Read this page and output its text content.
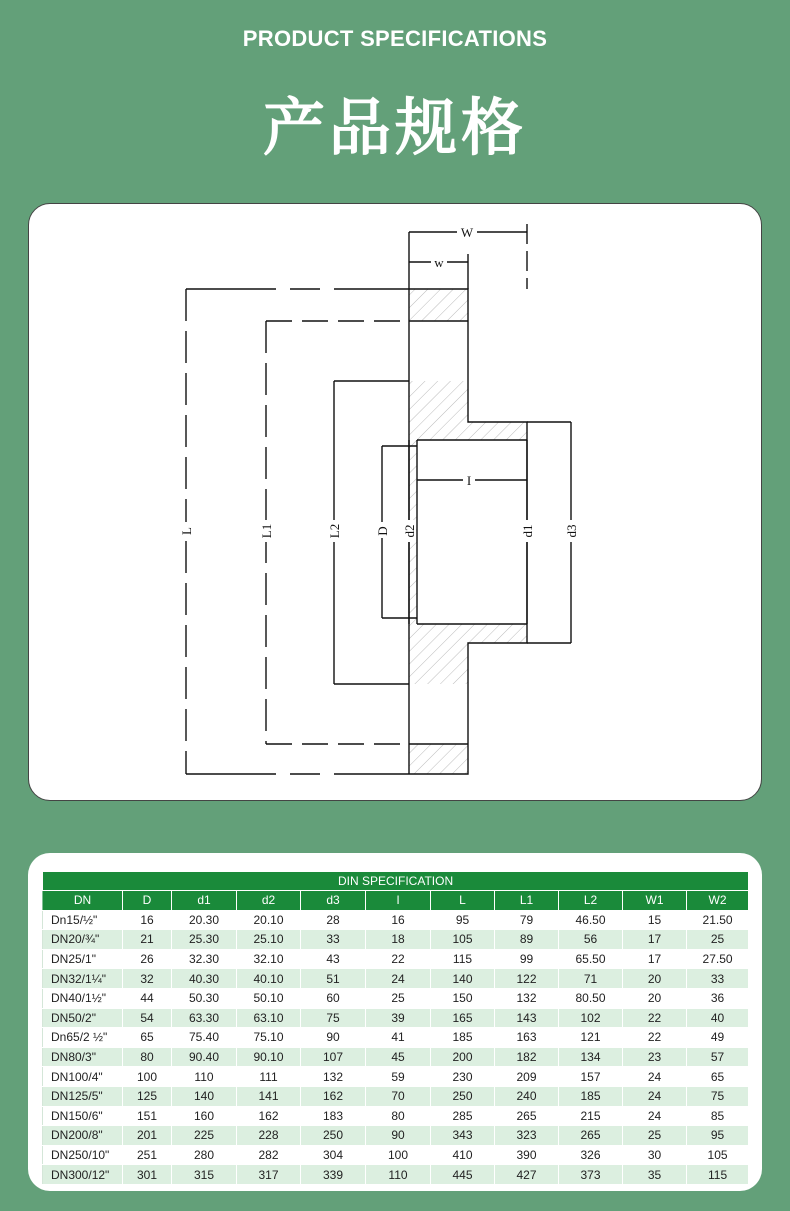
PRODUCT SPECIFICATIONS
产品规格
W
w
I
L	L1	L2	D d2	d1 d3
DIN SPECIFICATION										
DN	D	d1	d2	d3	I	L	L1	L2	W1	W2
Dn15/½"	16	20.30	20.10	28	16	95	79	46.50	15	21.50
DN20/¾"	21	25.30	25.10	33	18	105	89	56	17	25
DN25/1"	26	32.30	32.10	43	22	115	99	65.50	17	27.50
DN32/1¼"	32	40.30	40.10	51	24	140	122	71	20	33
DN40/1½"	44	50.30	50.10	60	25	150	132	80.50	20	36
DN50/2"	54	63.30	63.10	75	39	165	143	102	22	40
Dn65/2 ½"	65	75.40	75.10	90	41	185	163	121	22	49
DN80/3"	80	90.40	90.10	107	45	200	182	134	23	57
DN100/4"	100	110	111	132	59	230	209	157	24	65
DN125/5"	125	140	141	162	70	250	240	185	24	75
DN150/6"	151	160	162	183	80	285	265	215	24	85
DN200/8"	201	225	228	250	90	343	323	265	25	95
DN250/10"	251	280	282	304	100	410	390	326	30	105
DN300/12"	301	315	317	339	110	445	427	373	35	115
